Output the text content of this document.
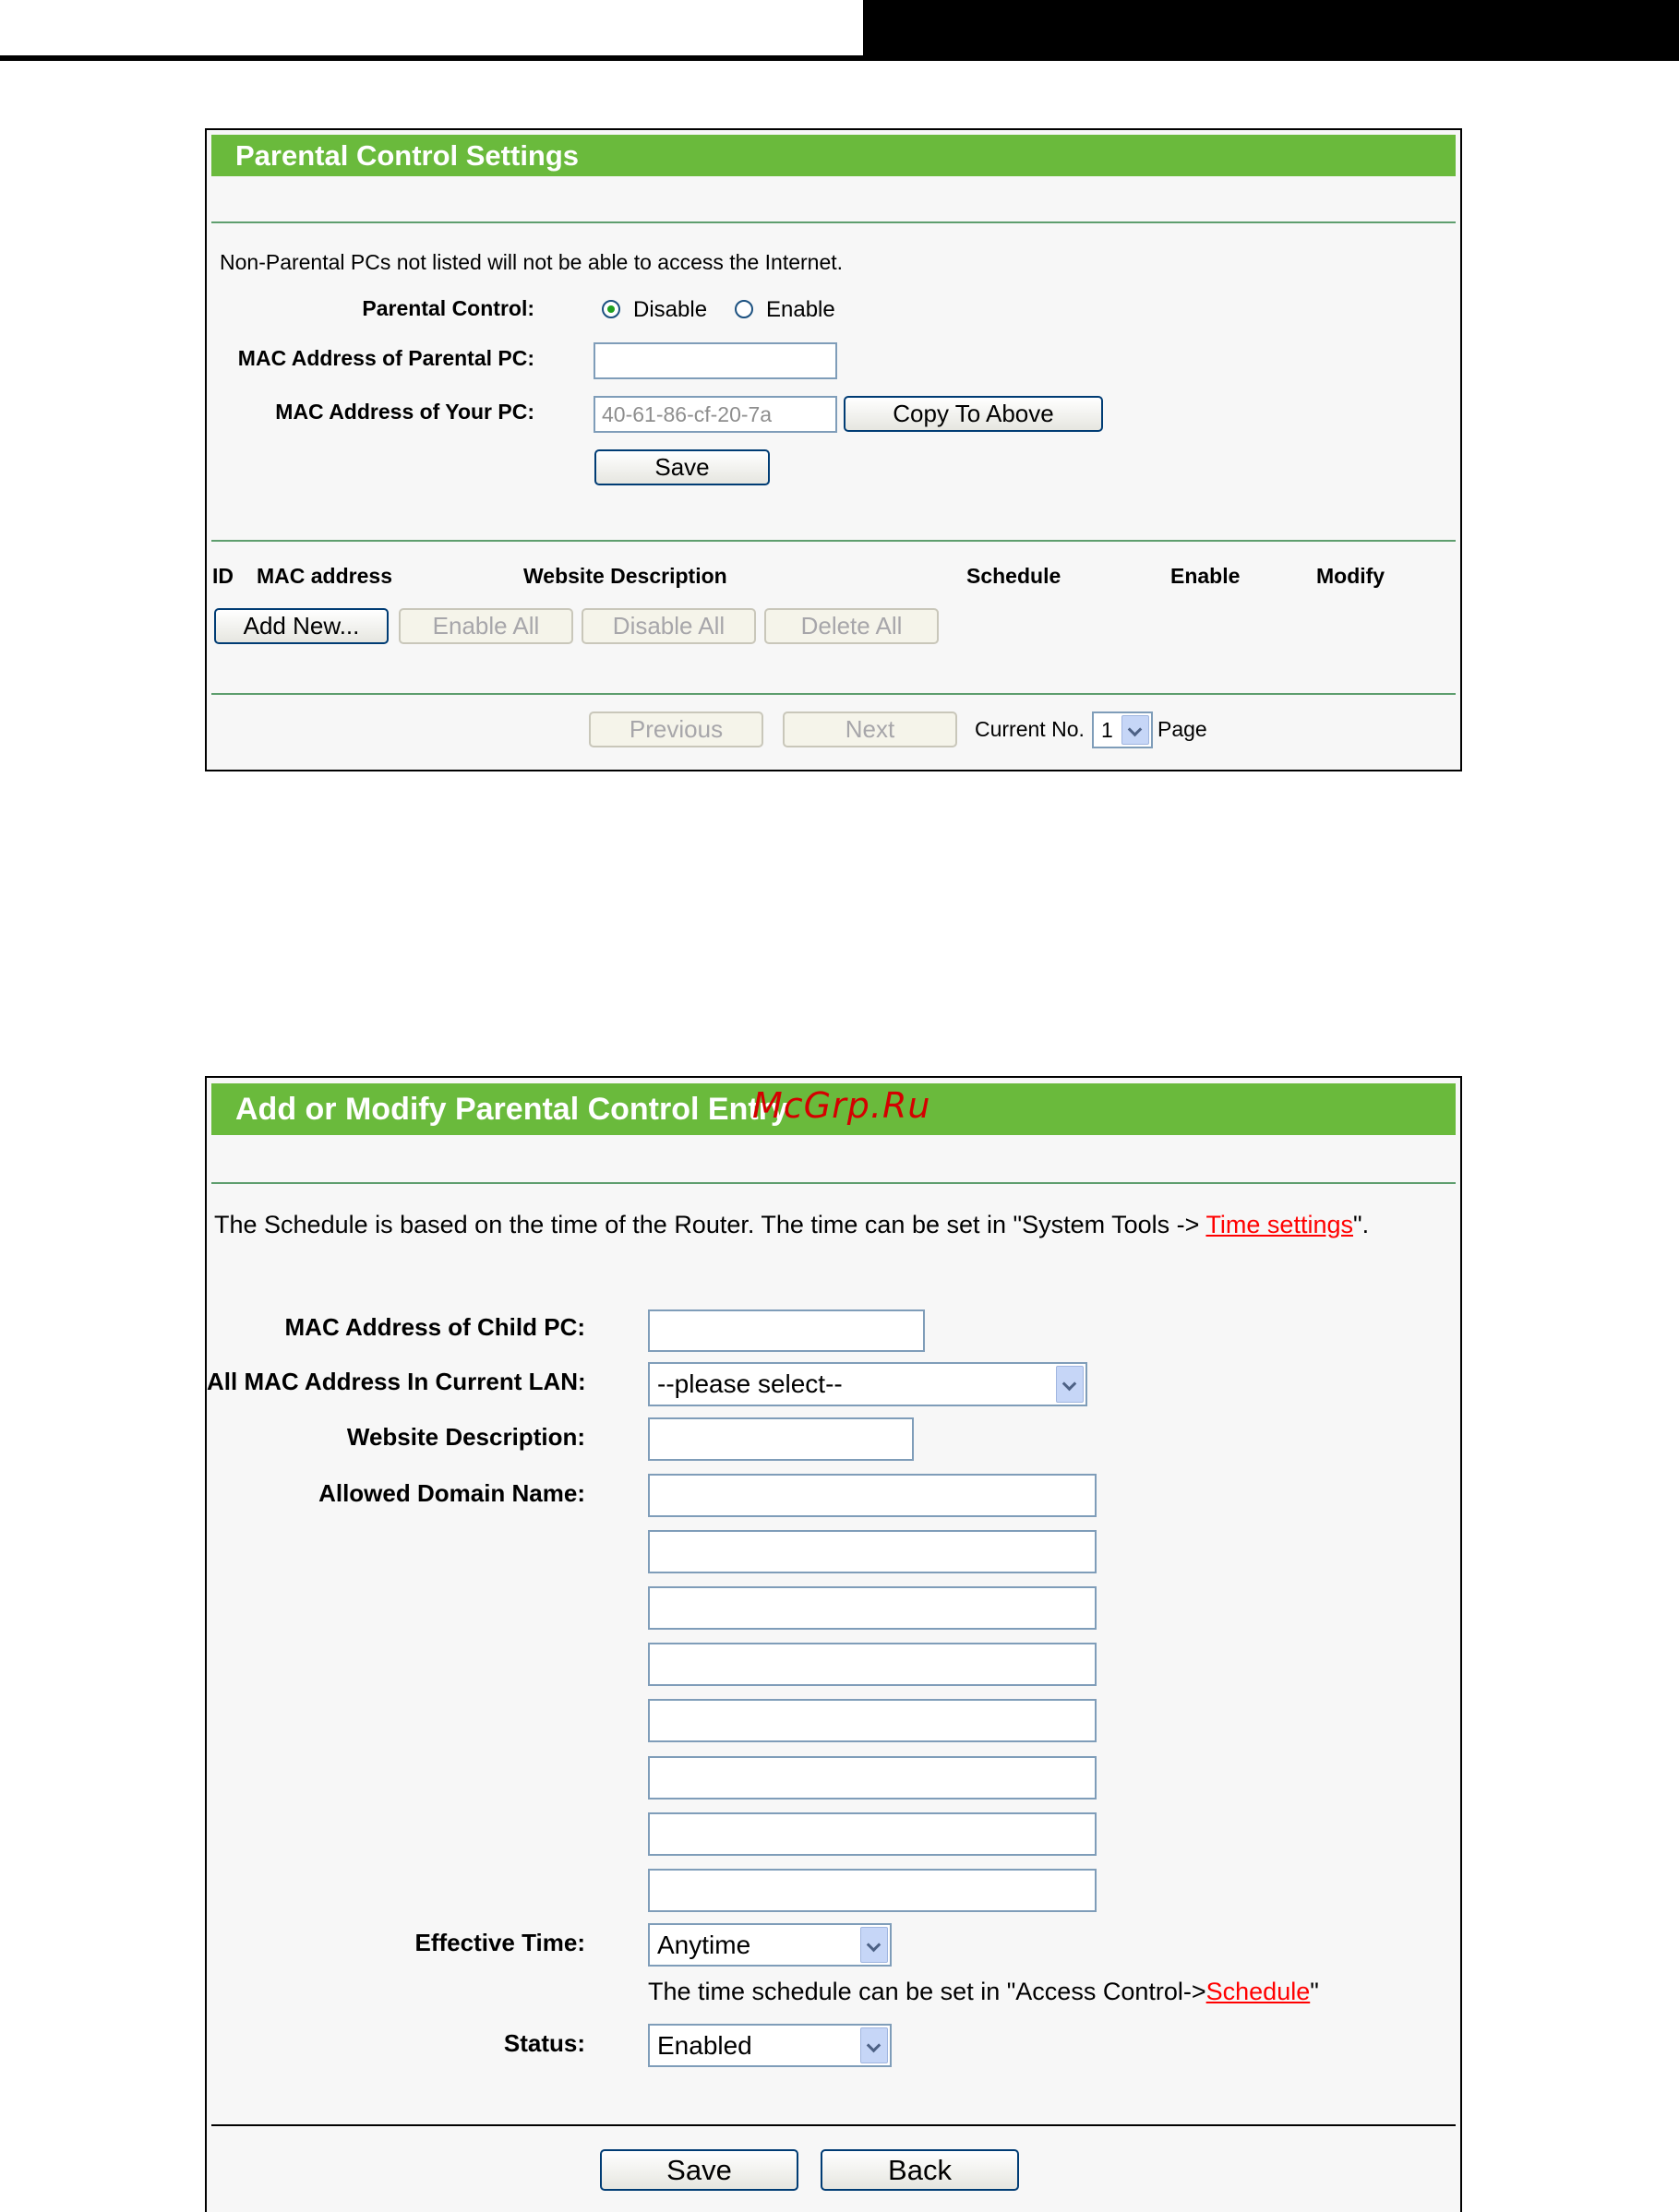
Parental Control Settings
Non-Parental PCs not listed will not be able to access the Internet.
Parental Control:	Disable	Enable
MAC Address of Parental PC:
MAC Address of Your PC:	40-61-86-cf-20-7a	Copy To Above
Save
ID MAC address	Website Description	Schedule	Enable	Modify
Add New...	Enable All	Disable All	Delete All
Previous	Next	Current No. 1 Page
Add or Modify Parental Control Entry
The Schedule is based on the time of the Router. The time can be set in "System Tools -> Time settings".
MAC Address of Child PC:
All MAC Address In Current LAN:	--please select--
Website Description:
Allowed Domain Name:
Effective Time:	Anytime
The time schedule can be set in "Access Control->Schedule"
Status:	Enabled
Save	Back
McGrp.Ru
